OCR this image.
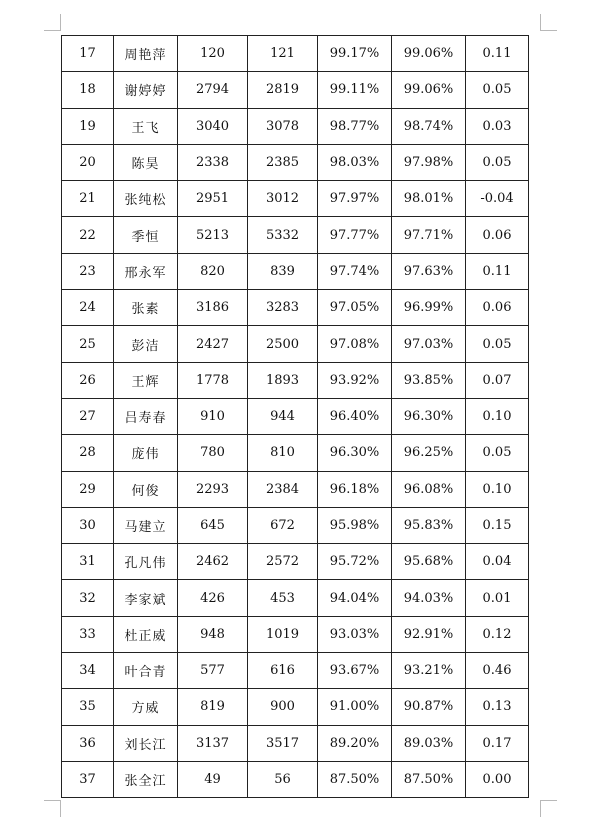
17	周艳萍	120	121	99.17%	99.06%	0.11
18	谢婷婷	2794	2819	99.11%	99.06%	0.05
19	王飞	3040	3078	98.77%	98.74%	0.03
20	陈昊	2338	2385	98.03%	97.98%	0.05
21	张纯松	2951	3012	97.97%	98.01%	-0.04
22	季恒	5213	5332	97.77%	97.71%	0.06
23	邢永军	820	839	97.74%	97.63%	0.11
24	张素	3186	3283	97.05%	96.99%	0.06
25	彭洁	2427	2500	97.08%	97.03%	0.05
26	王辉	1778	1893	93.92%	93.85%	0.07
27	吕寿春	910	944	96.40%	96.30%	0.10
28	庞伟	780	810	96.30%	96.25%	0.05
29	何俊	2293	2384	96.18%	96.08%	0.10
30	马建立	645	672	95.98%	95.83%	0.15
31	孔凡伟	2462	2572	95.72%	95.68%	0.04
32	李家斌	426	453	94.04%	94.03%	0.01
33	杜正威	948	1019	93.03%	92.91%	0.12
34	叶合青	577	616	93.67%	93.21%	0.46
35	方威	819	900	91.00%	90.87%	0.13
36	刘长江	3137	3517	89.20%	89.03%	0.17
37	张全江	49	56	87.50%	87.50%	0.00
